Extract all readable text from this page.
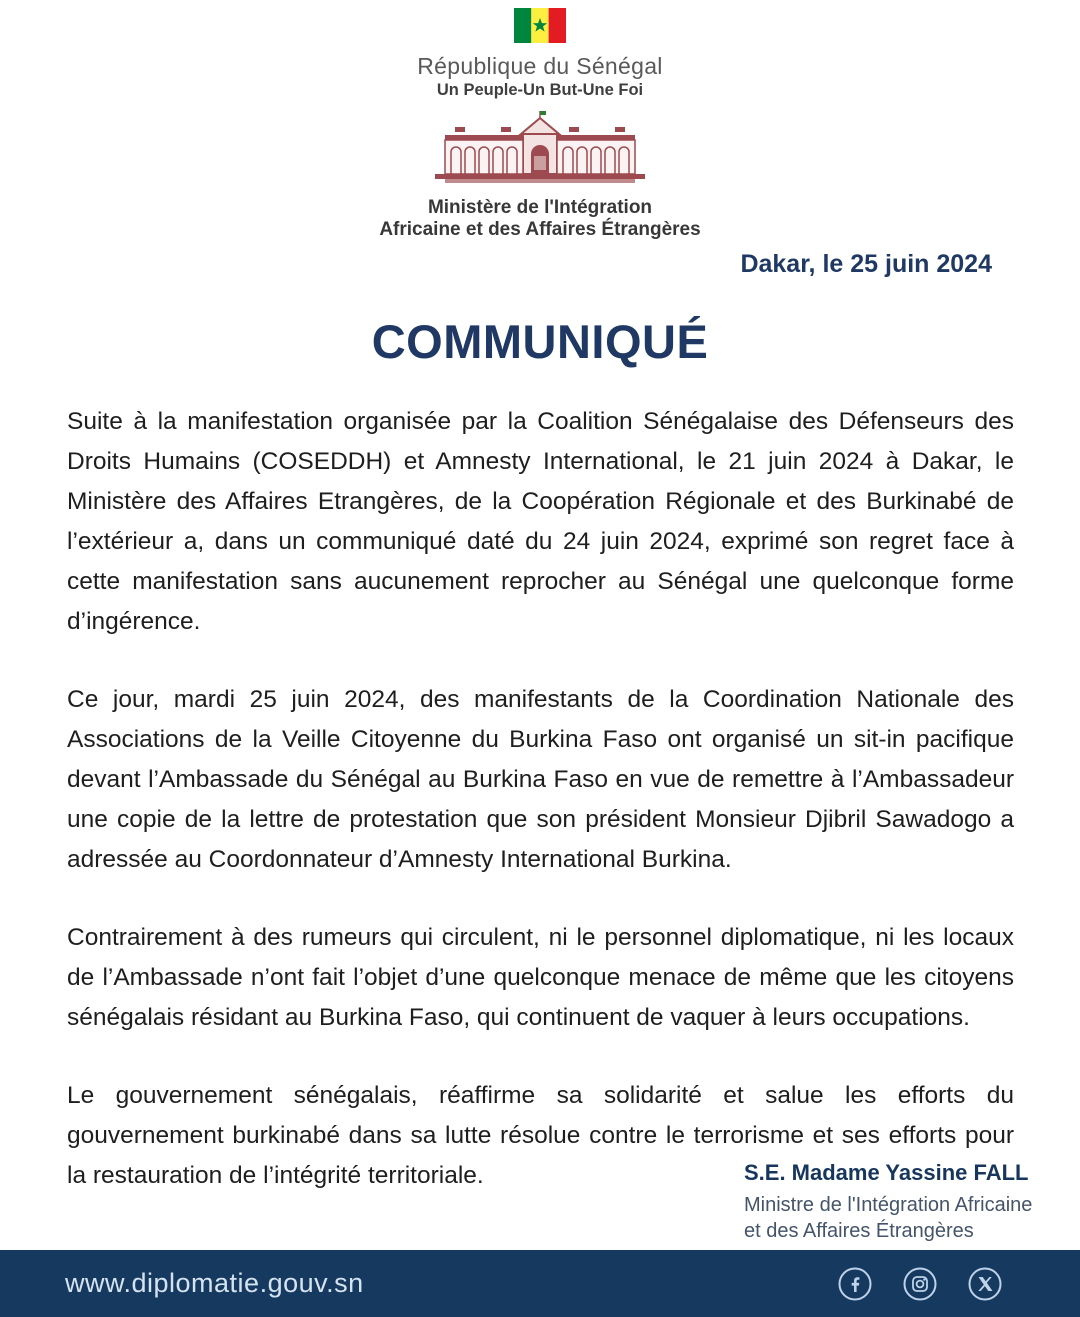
République du Sénégal
Un Peuple-Un But-Une Foi
Ministère de l'Intégration
Africaine et des Affaires Étrangères
Dakar, le 25 juin 2024
COMMUNIQUÉ

Suite à la manifestation organisée par la Coalition Sénégalaise des Défenseurs des Droits Humains (COSEDDH) et Amnesty International, le 21 juin 2024 à Dakar, le Ministère des Affaires Etrangères, de la Coopération Régionale et des Burkinabé de l’extérieur a, dans un communiqué daté du 24 juin 2024, exprimé son regret face à cette manifestation sans aucunement reprocher au Sénégal une quelconque forme d’ingérence.

Ce jour, mardi 25 juin 2024, des manifestants de la Coordination Nationale des Associations de la Veille Citoyenne du Burkina Faso ont organisé un sit-in pacifique devant l’Ambassade du Sénégal au Burkina Faso en vue de remettre à l’Ambassadeur une copie de la lettre de protestation que son président Monsieur Djibril Sawadogo a adressée au Coordonnateur d’Amnesty International Burkina.

Contrairement à des rumeurs qui circulent, ni le personnel diplomatique, ni les locaux de l’Ambassade n’ont fait l’objet d’une quelconque menace de même que les citoyens sénégalais résidant au Burkina Faso, qui continuent de vaquer à leurs occupations.

Le gouvernement sénégalais, réaffirme sa solidarité et salue les efforts du gouvernement burkinabé dans sa lutte résolue contre le terrorisme et ses efforts pour la restauration de l’intégrité territoriale.	S.E. Madame Yassine FALL
Ministre de l'Intégration Africaine
et des Affaires Étrangères
www.diplomatie.gouv.sn
